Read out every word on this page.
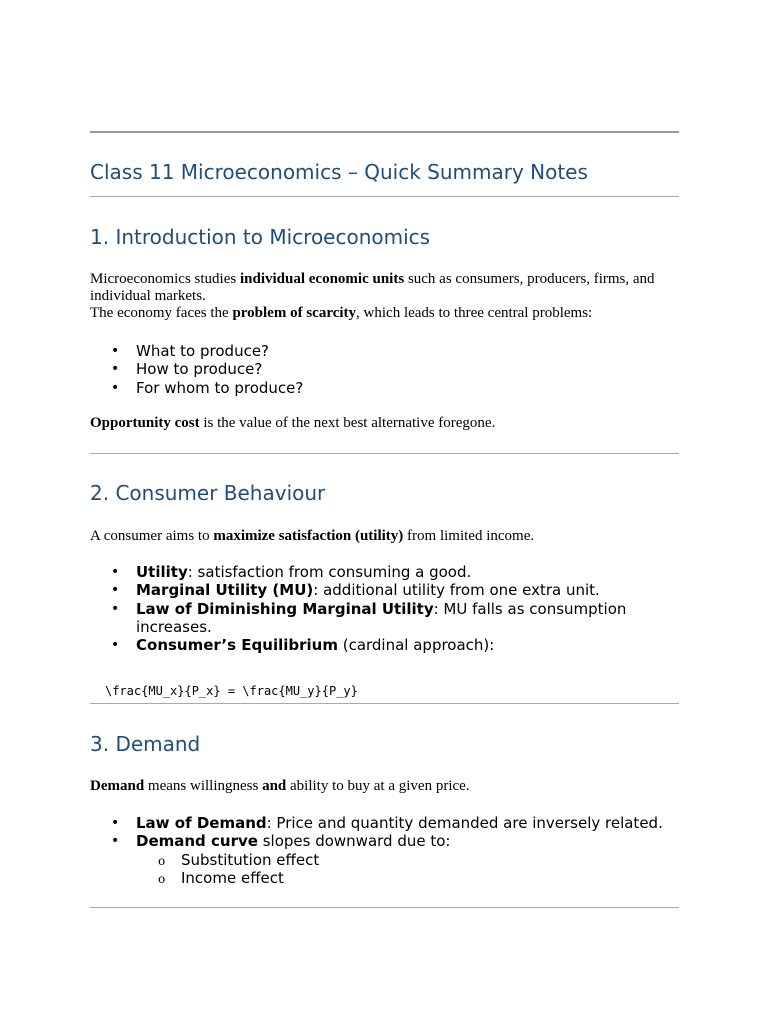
Class 11 Microeconomics – Quick Summary Notes
1. Introduction to Microeconomics

Microeconomics studies individual economic units such as consumers, producers, firms, and individual markets.
The economy faces the problem of scarcity, which leads to three central problems:

• What to produce?
• How to produce?
• For whom to produce?

Opportunity cost is the value of the next best alternative foregone.

2. Consumer Behaviour

A consumer aims to maximize satisfaction (utility) from limited income.

• Utility: satisfaction from consuming a good.
• Marginal Utility (MU): additional utility from one extra unit.
• Law of Diminishing Marginal Utility: MU falls as consumption increases.
• Consumer’s Equilibrium (cardinal approach):
\frac{MU_x}{P_x} = \frac{MU_y}{P_y}
3. Demand

Demand means willingness and ability to buy at a given price.

• Law of Demand: Price and quantity demanded are inversely related.
• Demand curve slopes downward due to:
o Substitution effect
o Income effect
